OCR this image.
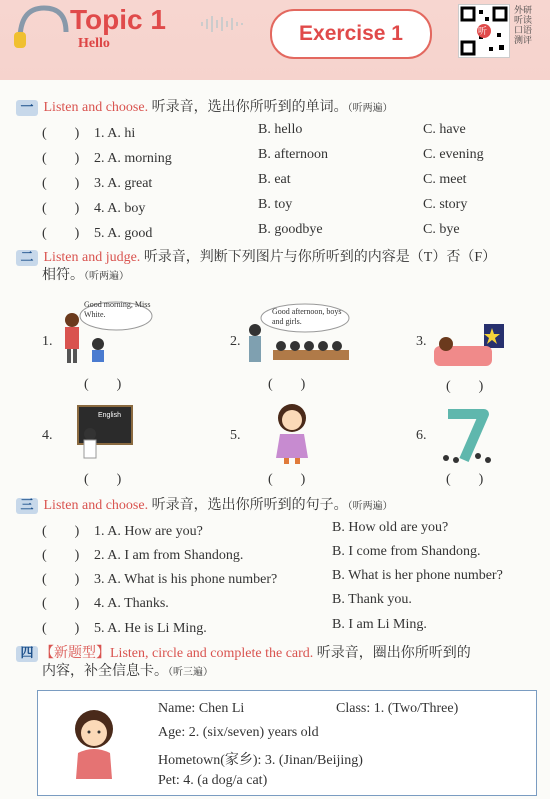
Topic 1
Hello	Exercise 1	听
外研
听读
口语
测评
一 Listen and choose. 听录音，选出你所听到的单词。（听两遍）
(　　) 1. A. hi	B. hello	C. have
(　　) 2. A. morning	B. afternoon	C. evening
(　　) 3. A. great	B. eat	C. meet
(　　) 4. A. boy	B. toy	C. story
(　　) 5. A. good	B. goodbye	C. bye
二 Listen and judge. 听录音，判断下列图片与你所听到的内容是（T）否（F）
相符。（听两遍）
1.
Good morning, Miss White.
(　　)
2.
Good afternoon, boys and girls.
(　　)
3.
(　　)
4.
English
(　　)
5.
(　　)
6.
(　　)
三 Listen and choose. 听录音，选出你所听到的句子。（听两遍）
(　　) 1. A. How are you?	B. How old are you?
(　　) 2. A. I am from Shandong.	B. I come from Shandong.
(　　) 3. A. What is his phone number?	B. What is her phone number?
(　　) 4. A. Thanks.	B. Thank you.
(　　) 5. A. He is Li Ming.	B. I am Li Ming.
四 【新题型】Listen, circle and complete the card. 听录音，圈出你所听到的
内容，补全信息卡。（听三遍）
Name: Chen Li	Class: 1. (Two/Three)
Age: 2. (six/seven) years old
Hometown(家乡): 3. (Jinan/Beijing)
Pet: 4. (a dog/a cat)
